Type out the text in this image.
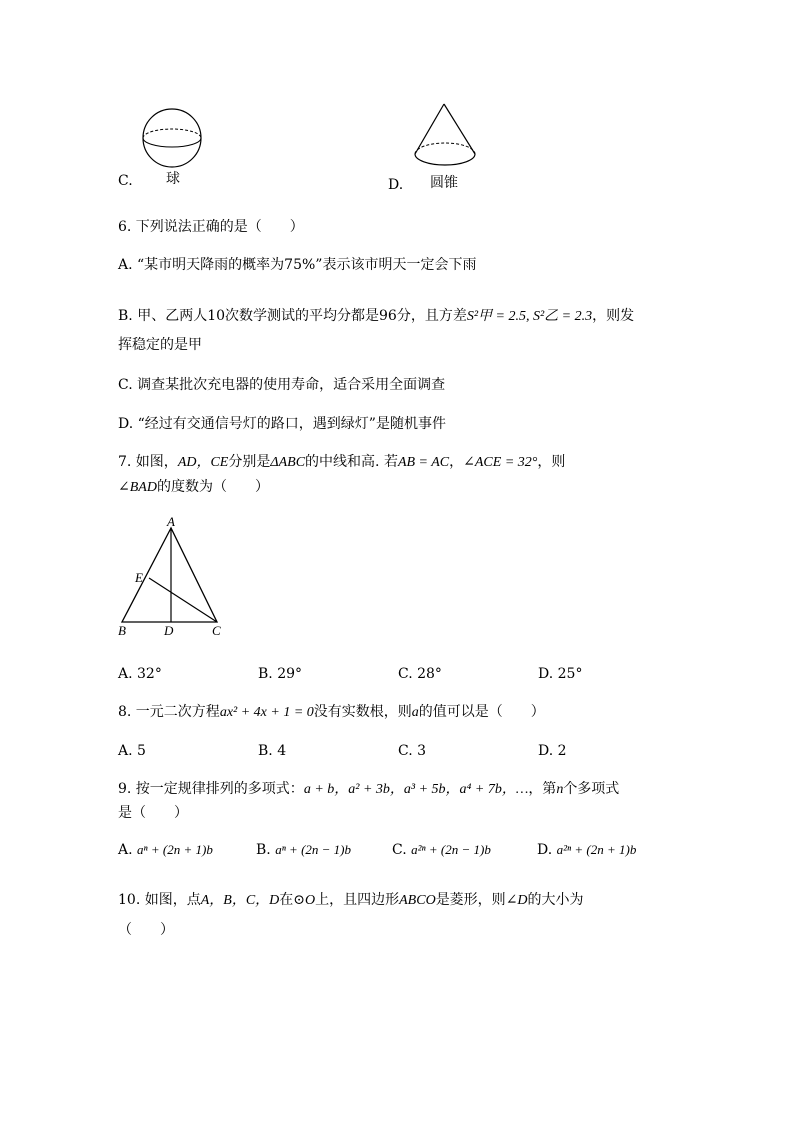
C. 球	D. 圆锥
6. 下列说法正确的是（　　）
A. “某市明天降雨的概率为75%”表示该市明天一定会下雨
B. 甲、乙两人10次数学测试的平均分都是96分，且方差S²甲 = 2.5, S²乙 = 2.3，则发
挥稳定的是甲
C. 调查某批次充电器的使用寿命，适合采用全面调查
D. “经过有交通信号灯的路口，遇到绿灯”是随机事件
7. 如图，AD，CE分别是ΔABC的中线和高. 若AB = AC，∠ACE = 32°，则
∠BAD的度数为（　　）
A
E
B	D	C
A. 32°	B. 29°	C. 28°	D. 25°
8. 一元二次方程ax² + 4x + 1 = 0没有实数根，则a的值可以是（　　）
A. 5	B. 4	C. 3	D. 2
9. 按一定规律排列的多项式：a + b，a² + 3b，a³ + 5b，a⁴ + 7b，…，第n个多项式
是（　　）
A. aⁿ + (2n + 1)b	B. aⁿ + (2n − 1)b	C. a²ⁿ + (2n − 1)b	D. a²ⁿ + (2n + 1)b
10. 如图，点A，B，C，D在⊙O上，且四边形ABCO是菱形，则∠D的大小为
（　　）
